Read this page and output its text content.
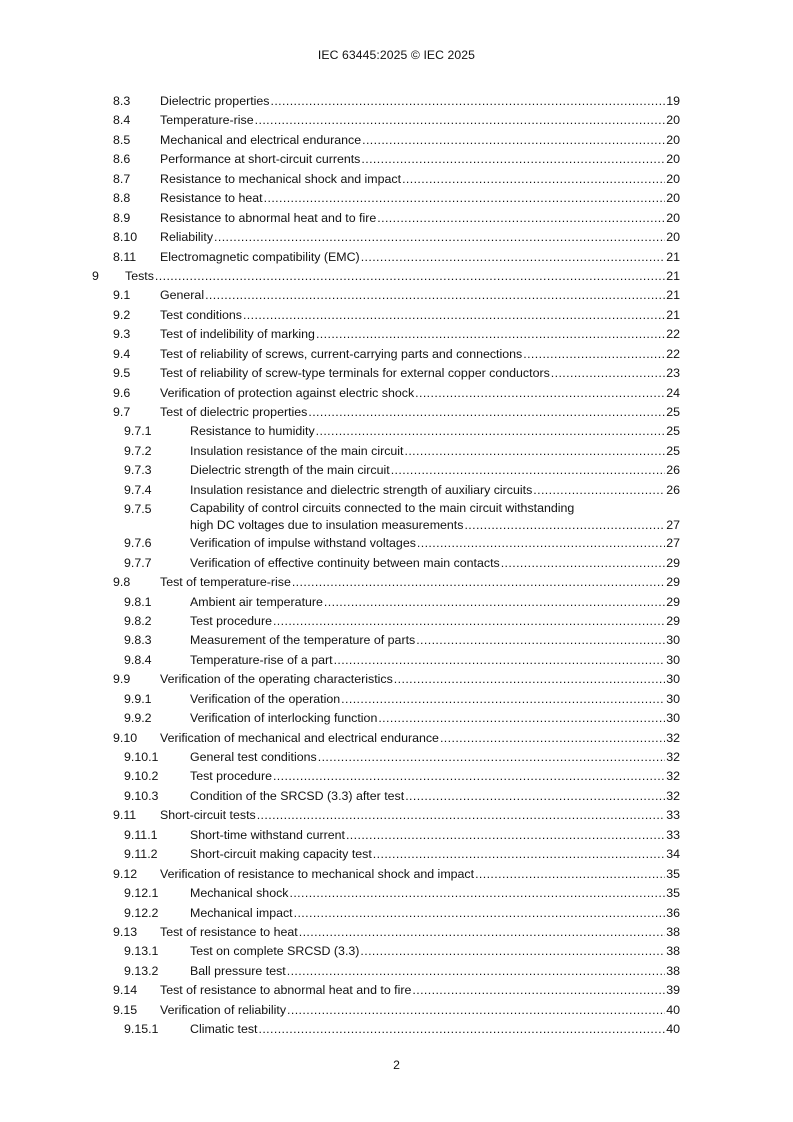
IEC 63445:2025 © IEC 2025
8.3 Dielectric properties .....	19
8.4 Temperature-rise .....	20
8.5 Mechanical and electrical endurance .....	20
8.6 Performance at short-circuit currents .....	20
8.7 Resistance to mechanical shock and impact .....	20
8.8 Resistance to heat .....	20
8.9 Resistance to abnormal heat and to fire .....	20
8.10 Reliability .....	20
8.11 Electromagnetic compatibility (EMC) .....	21
9 Tests .....	21
9.1 General .....	21
9.2 Test conditions .....	21
9.3 Test of indelibility of marking .....	22
9.4 Test of reliability of screws, current-carrying parts and connections .....	22
9.5 Test of reliability of screw-type terminals for external copper conductors .....	23
9.6 Verification of protection against electric shock .....	24
9.7 Test of dielectric properties .....	25
9.7.1	Resistance to humidity .....	25
9.7.2	Insulation resistance of the main circuit .....	25
9.7.3	Dielectric strength of the main circuit .....	26
9.7.4	Insulation resistance and dielectric strength of auxiliary circuits .....	26
9.7.5	Capability of control circuits connected to the main circuit withstanding
high DC voltages due to insulation measurements .....	27
9.7.6	Verification of impulse withstand voltages .....	27
9.7.7	Verification of effective continuity between main contacts .....	29
9.8 Test of temperature-rise .....	29
9.8.1	Ambient air temperature .....	29
9.8.2	Test procedure .....	29
9.8.3	Measurement of the temperature of parts .....	30
9.8.4	Temperature-rise of a part .....	30
9.9 Verification of the operating characteristics .....	30
9.9.1	Verification of the operation .....	30
9.9.2	Verification of interlocking function .....	30
9.10 Verification of mechanical and electrical endurance .....	32
9.10.1	General test conditions .....	32
9.10.2	Test procedure .....	32
9.10.3	Condition of the SRCSD (3.3) after test .....	32
9.11 Short-circuit tests .....	33
9.11.1	Short-time withstand current .....	33
9.11.2	Short-circuit making capacity test .....	34
9.12 Verification of resistance to mechanical shock and impact .....	35
9.12.1	Mechanical shock .....	35
9.12.2	Mechanical impact .....	36
9.13 Test of resistance to heat .....	38
9.13.1	Test on complete SRCSD (3.3) .....	38
9.13.2	Ball pressure test .....	38
9.14 Test of resistance to abnormal heat and to fire .....	39
9.15 Verification of reliability .....	40
9.15.1	Climatic test .....	40
2
